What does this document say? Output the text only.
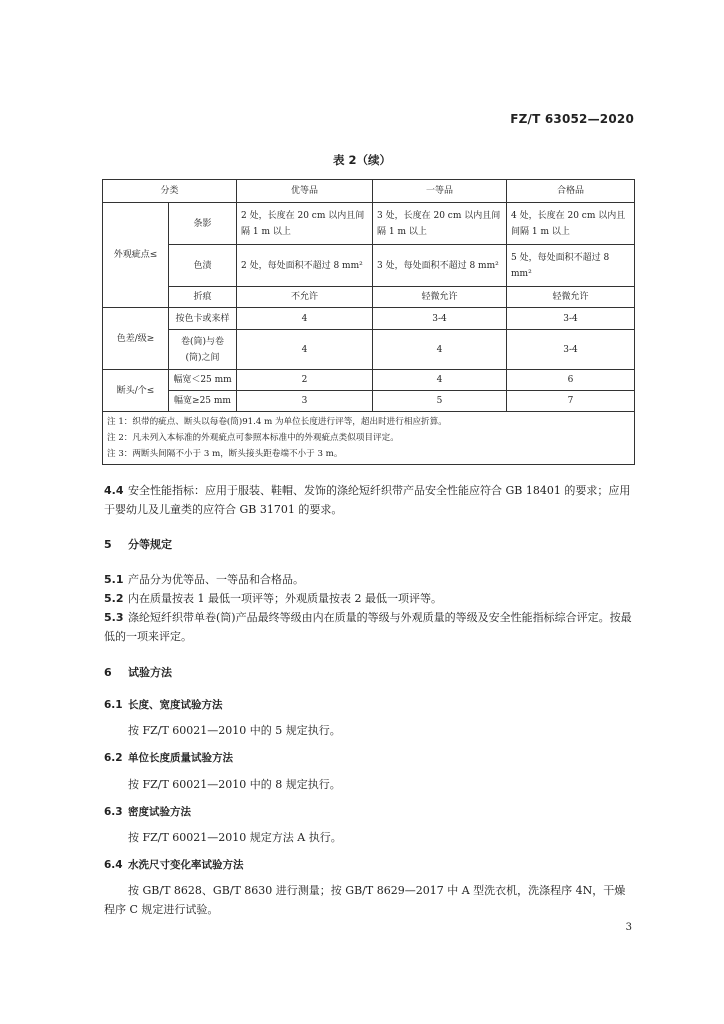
FZ/T 63052—2020
表 2（续）
分类		优等品	一等品	合格品
外观疵点≤	条影	2 处，长度在 20 cm 以内且间隔 1 m 以上	3 处，长度在 20 cm 以内且间隔 1 m 以上	4 处，长度在 20 cm 以内且间隔 1 m 以上
	色渍	2 处，每处面积不超过 8 mm²	3 处，每处面积不超过 8 mm²	5 处，每处面积不超过 8 mm²
	折痕	不允许	轻微允许	轻微允许
色差/级≥	按色卡或来样	4	3-4	3-4
	卷(筒)与卷(筒)之间	4	4	3-4
断头/个≤	幅宽＜25 mm	2	4	6
	幅宽≥25 mm	3	5	7

注 1：织带的疵点、断头以每卷(筒)91.4 m 为单位长度进行评等，超出时进行相应折算。
注 2：凡未列入本标准的外观疵点可参照本标准中的外观疵点类似项目评定。
注 3：两断头间隔不小于 3 m，断头接头距卷端不小于 3 m。				
4.4 安全性能指标：应用于服装、鞋帽、发饰的涤纶短纤织带产品安全性能应符合 GB 18401 的要求；应用于婴幼儿及儿童类的应符合 GB 31701 的要求。
5 分等规定
5.1 产品分为优等品、一等品和合格品。
5.2 内在质量按表 1 最低一项评等；外观质量按表 2 最低一项评等。
5.3 涤纶短纤织带单卷(筒)产品最终等级由内在质量的等级与外观质量的等级及安全性能指标综合评定。按最低的一项来评定。
6 试验方法
6.1 长度、宽度试验方法
按 FZ/T 60021—2010 中的 5 规定执行。
6.2 单位长度质量试验方法
按 FZ/T 60021—2010 中的 8 规定执行。
6.3 密度试验方法
按 FZ/T 60021—2010 规定方法 A 执行。
6.4 水洗尺寸变化率试验方法
按 GB/T 8628、GB/T 8630 进行测量；按 GB/T 8629—2017 中 A 型洗衣机，洗涤程序 4N，干燥程序 C 规定进行试验。
3
